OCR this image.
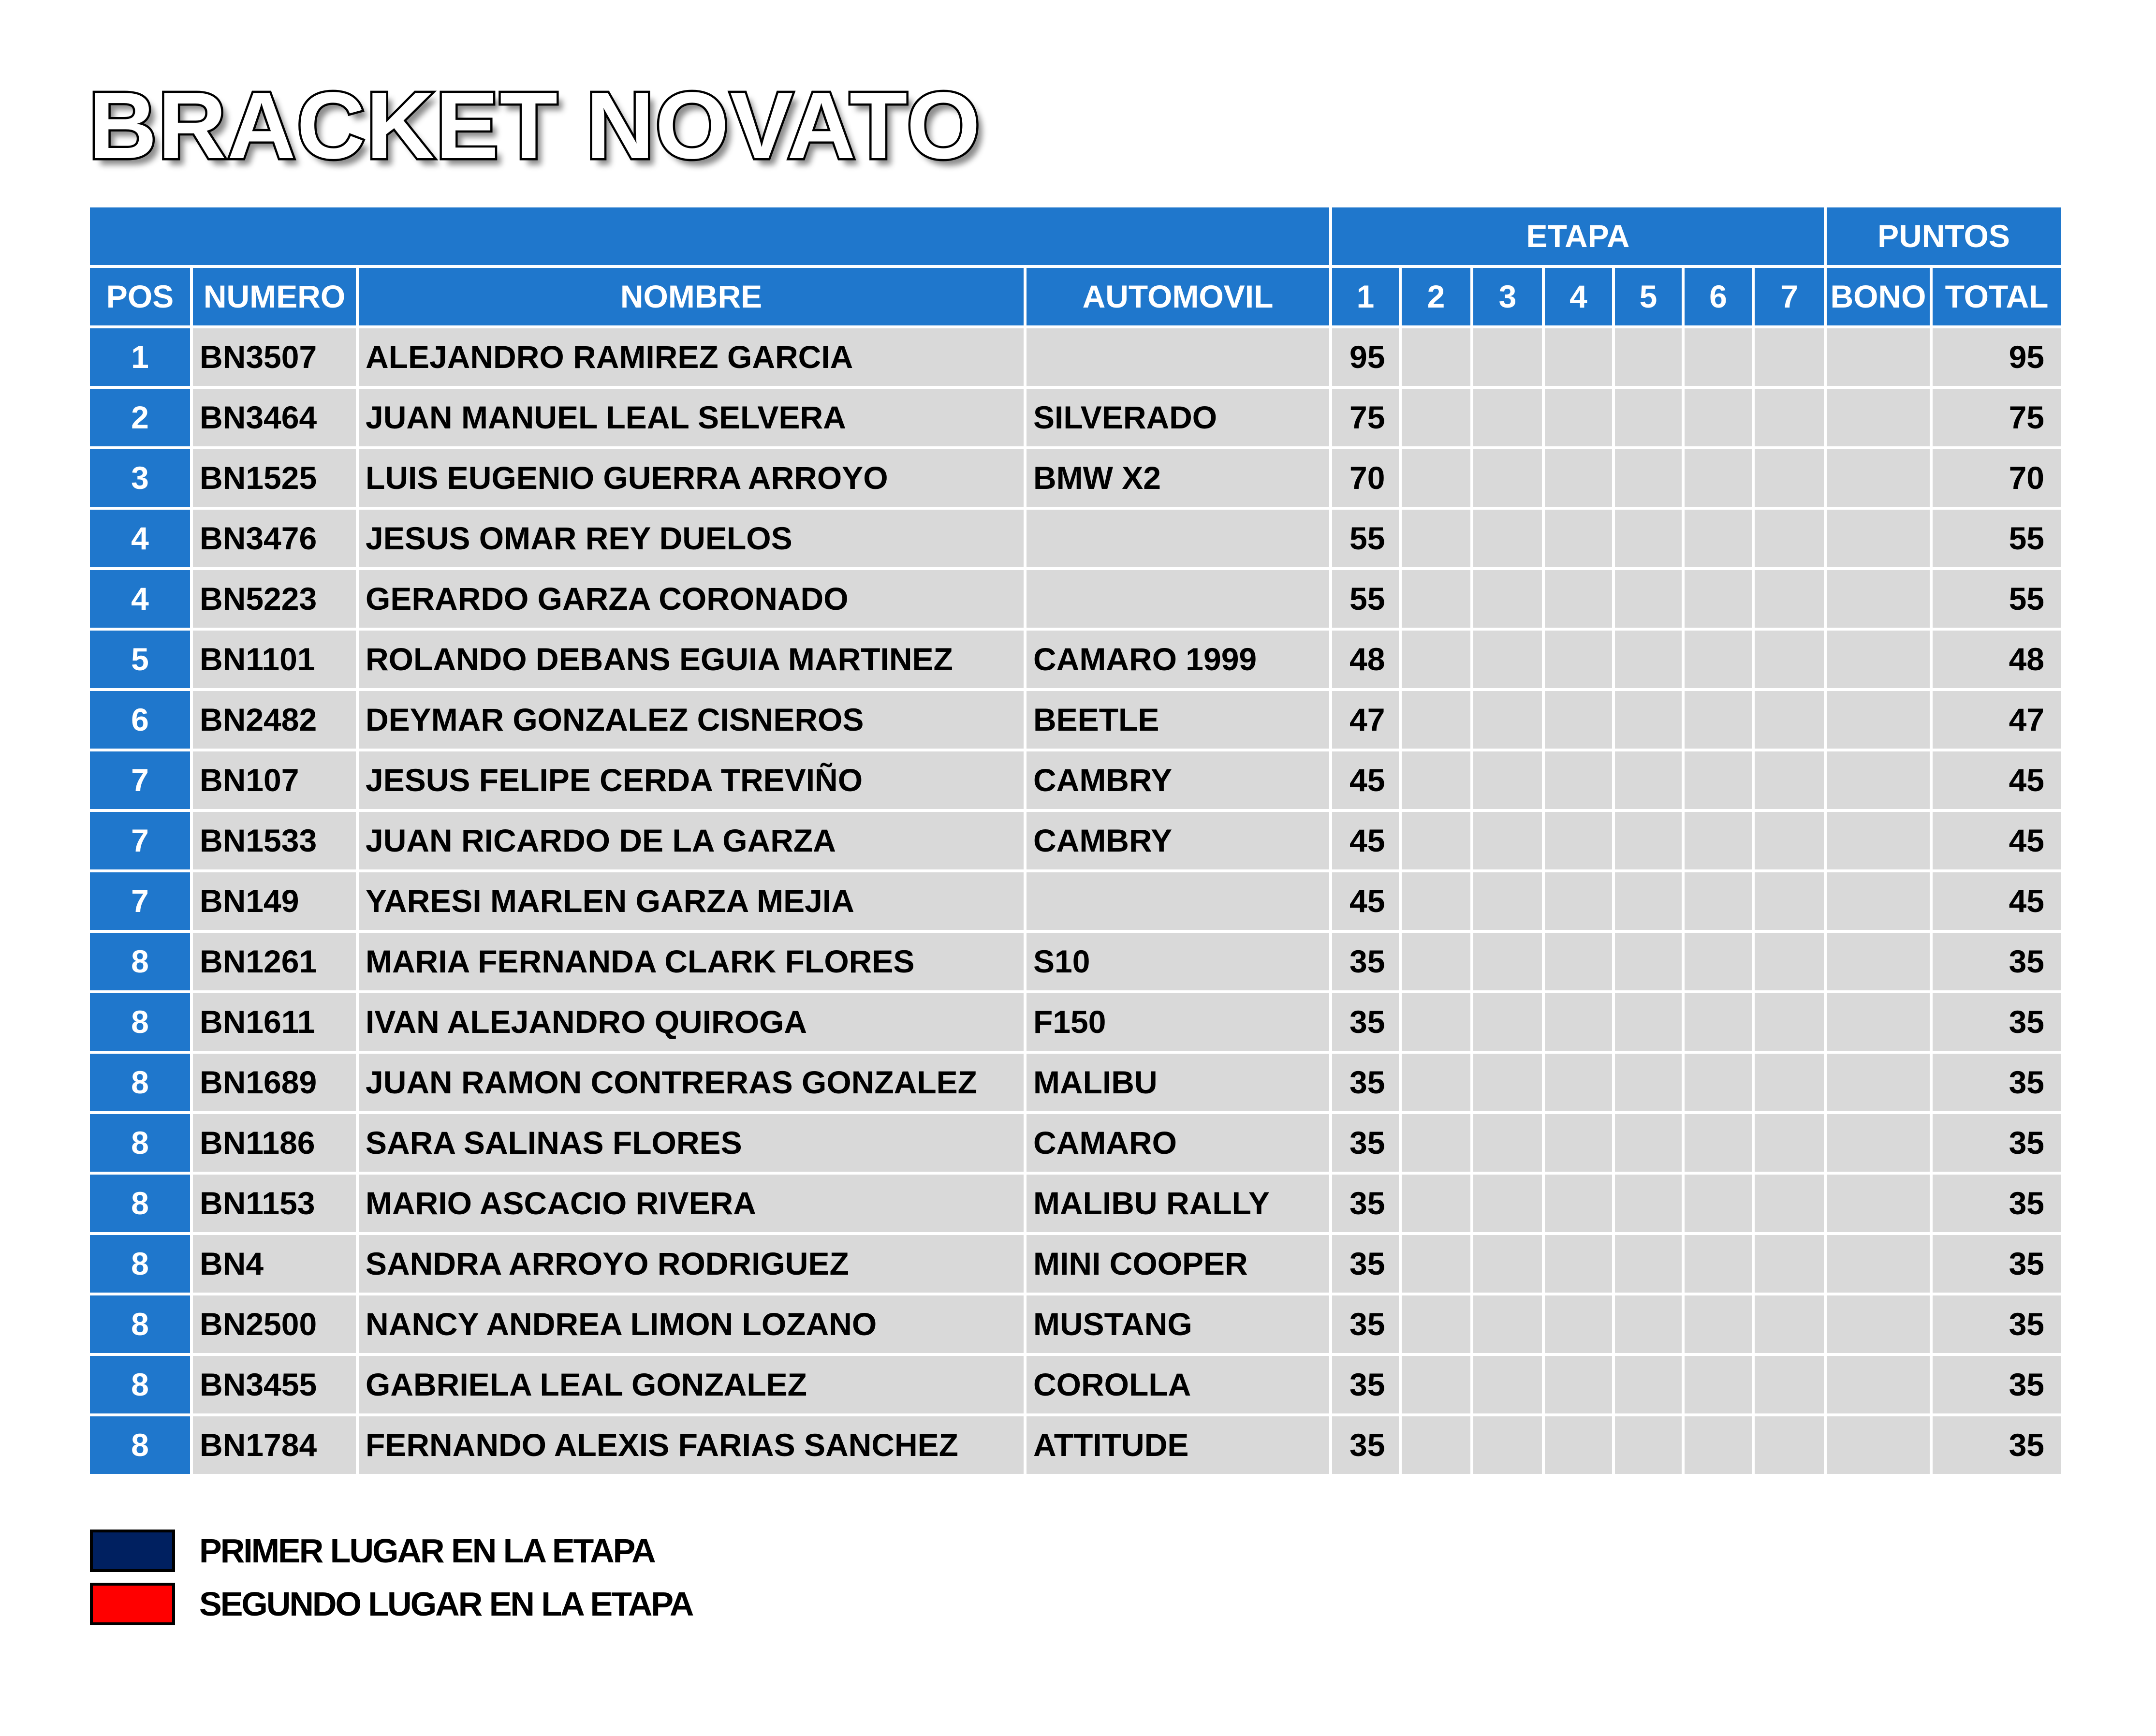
BRACKET NOVATO
				ETAPA							PUNTOS	
POS	NUMERO	NOMBRE	AUTOMOVIL	1	2	3	4	5	6	7	BONO	TOTAL
1	BN3507	ALEJANDRO RAMIREZ GARCIA		95								95
2	BN3464	JUAN MANUEL LEAL SELVERA	SILVERADO	75								75
3	BN1525	LUIS EUGENIO GUERRA ARROYO	BMW X2	70								70
4	BN3476	JESUS OMAR REY DUELOS		55								55
4	BN5223	GERARDO GARZA CORONADO		55								55
5	BN1101	ROLANDO DEBANS EGUIA MARTINEZ	CAMARO 1999	48								48
6	BN2482	DEYMAR GONZALEZ CISNEROS	BEETLE	47								47
7	BN107	JESUS FELIPE CERDA TREVIÑO	CAMBRY	45								45
7	BN1533	JUAN RICARDO DE LA GARZA	CAMBRY	45								45
7	BN149	YARESI MARLEN GARZA MEJIA		45								45
8	BN1261	MARIA FERNANDA CLARK FLORES	S10	35								35
8	BN1611	IVAN ALEJANDRO QUIROGA	F150	35								35
8	BN1689	JUAN RAMON CONTRERAS GONZALEZ	MALIBU	35								35
8	BN1186	SARA SALINAS FLORES	CAMARO	35								35
8	BN1153	MARIO ASCACIO RIVERA	MALIBU RALLY	35								35
8	BN4	SANDRA ARROYO RODRIGUEZ	MINI COOPER	35								35
8	BN2500	NANCY ANDREA LIMON LOZANO	MUSTANG	35								35
8	BN3455	GABRIELA LEAL GONZALEZ	COROLLA	35								35
8	BN1784	FERNANDO ALEXIS FARIAS SANCHEZ	ATTITUDE	35								35
PRIMER LUGAR EN LA ETAPA
SEGUNDO LUGAR EN LA ETAPA
